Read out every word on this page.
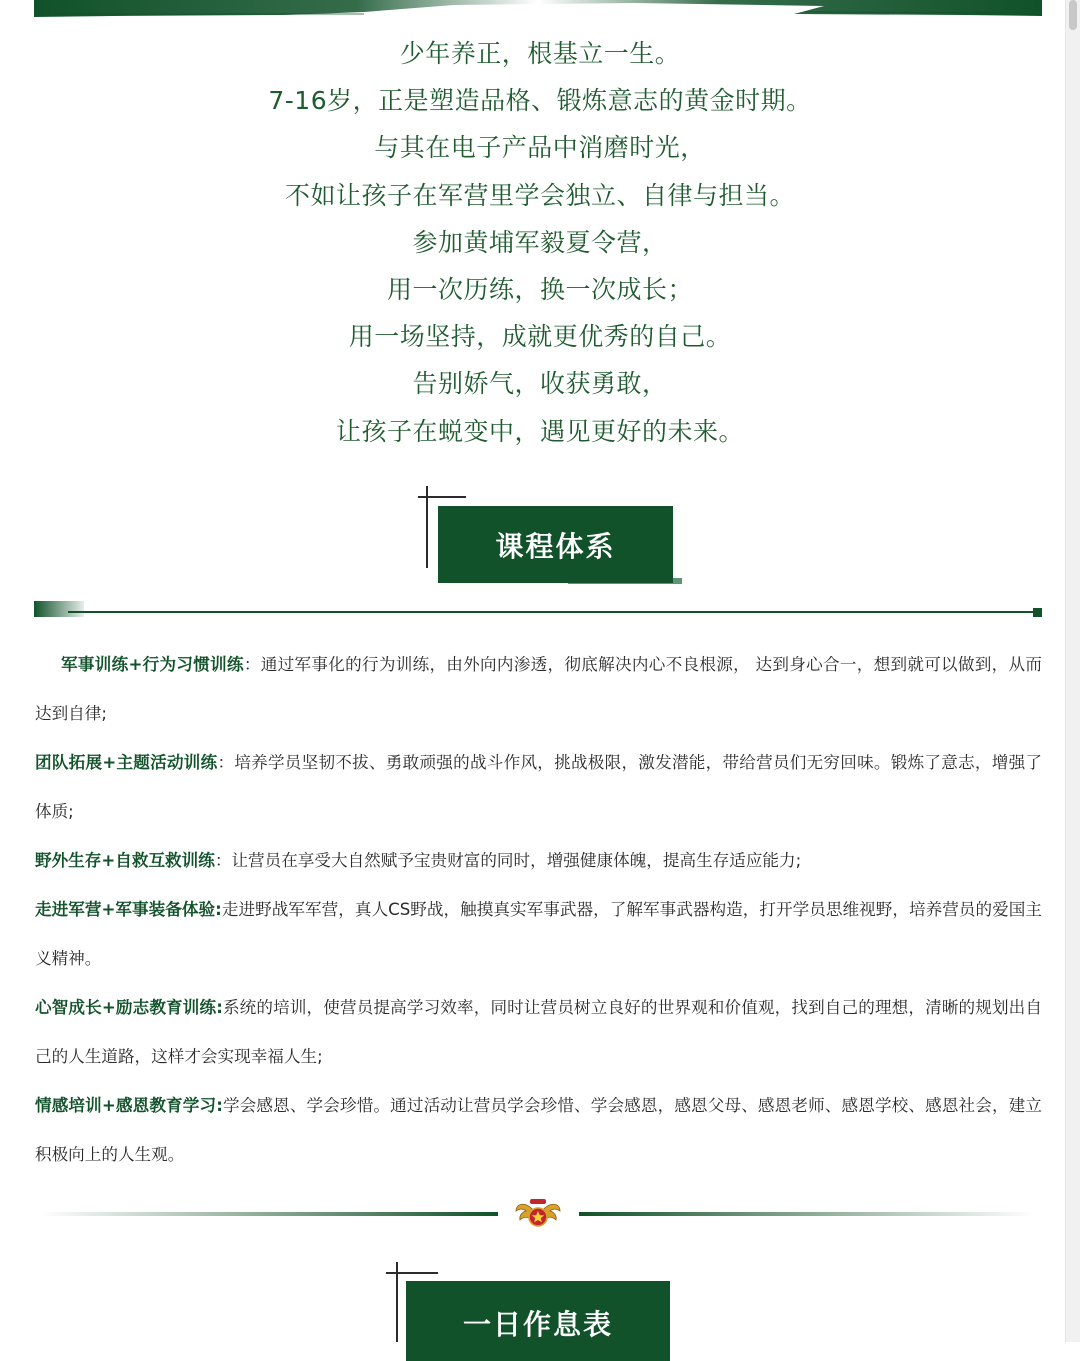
少年养正，根基立一生。
7-16岁，正是塑造品格、锻炼意志的黄金时期。
与其在电子产品中消磨时光，
不如让孩子在军营里学会独立、自律与担当。
参加黄埔军毅夏令营，
用一次历练，换一次成长；
用一场坚持，成就更优秀的自己。
告别娇气，收获勇敢，
让孩子在蜕变中，遇见更好的未来。
课程体系

军事训练+行为习惯训练：通过军事化的行为训练，由外向内渗透，彻底解决内心不良根源， 达到身心合一，想到就可以做到，从而达到自律;

团队拓展+主题活动训练：培养学员坚韧不拔、勇敢顽强的战斗作风，挑战极限，激发潜能，带给营员们无穷回味。锻炼了意志，增强了体质;

野外生存+自救互救训练：让营员在享受大自然赋予宝贵财富的同时，增强健康体魄，提高生存适应能力;

走进军营+军事装备体验:走进野战军军营，真人CS野战，触摸真实军事武器，了解军事武器构造，打开学员思维视野，培养营员的爱国主义精神。

心智成长+励志教育训练:系统的培训，使营员提高学习效率，同时让营员树立良好的世界观和价值观，找到自己的理想，清晰的规划出自己的人生道路，这样才会实现幸福人生;

情感培训+感恩教育学习:学会感恩、学会珍惜。通过活动让营员学会珍惜、学会感恩，感恩父母、感恩老师、感恩学校、感恩社会，建立积极向上的人生观。

一日作息表
